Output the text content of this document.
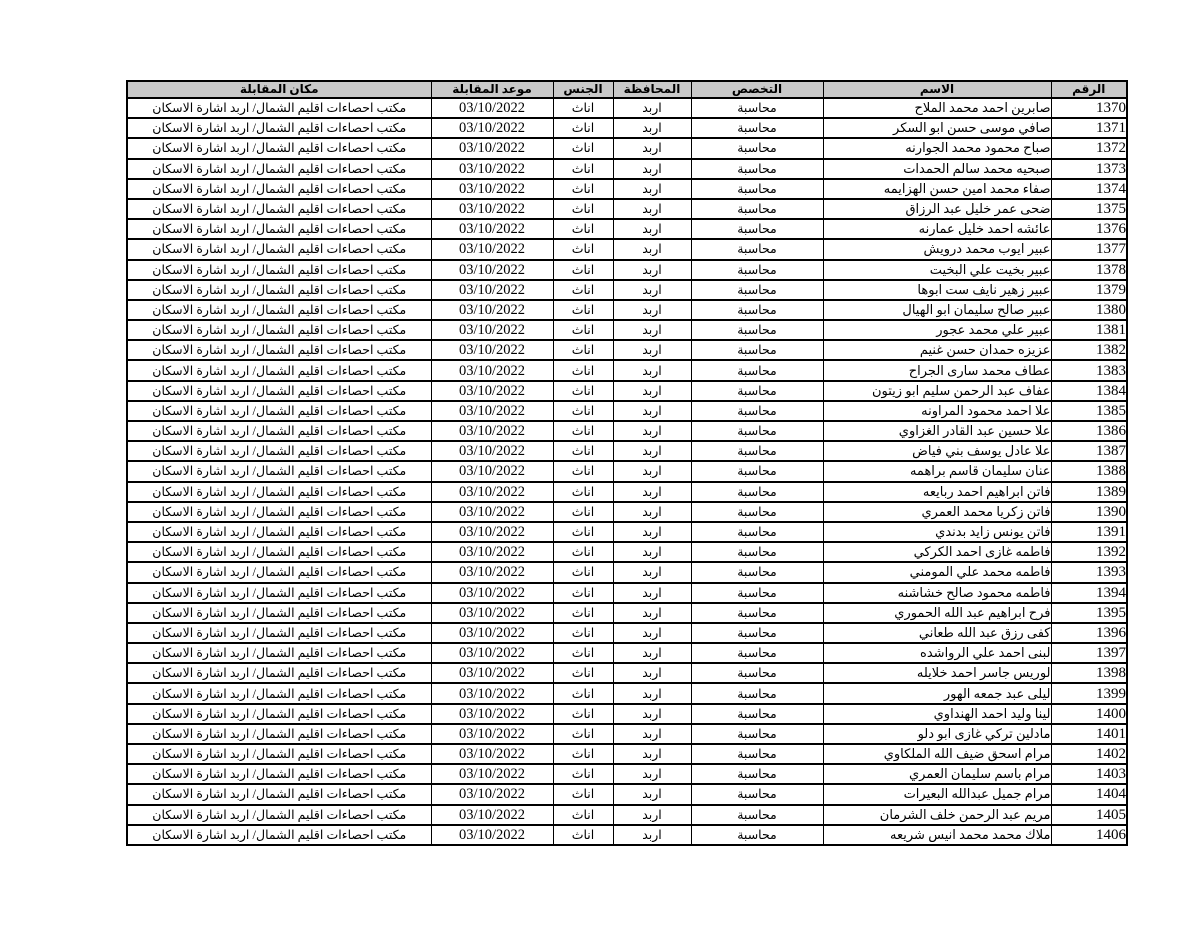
الرقم	الاسم	التخصص	المحافظة	الجنس	موعد المقابلة	مكان المقابلة
1370	صابرين احمد محمد الملاح	محاسبة	اربد	اناث	03/10/2022	مكتب احصاءات اقليم الشمال/ اربد اشارة الاسكان
1371	صافي موسى حسن ابو السكر	محاسبة	اربد	اناث	03/10/2022	مكتب احصاءات اقليم الشمال/ اربد اشارة الاسكان
1372	صباح محمود محمد الجوارنه	محاسبة	اربد	اناث	03/10/2022	مكتب احصاءات اقليم الشمال/ اربد اشارة الاسكان
1373	صبحيه محمد سالم الحمدات	محاسبة	اربد	اناث	03/10/2022	مكتب احصاءات اقليم الشمال/ اربد اشارة الاسكان
1374	صفاء محمد امين حسن الهزايمه	محاسبة	اربد	اناث	03/10/2022	مكتب احصاءات اقليم الشمال/ اربد اشارة الاسكان
1375	ضحى عمر خليل عبد الرزاق	محاسبة	اربد	اناث	03/10/2022	مكتب احصاءات اقليم الشمال/ اربد اشارة الاسكان
1376	عائشه احمد خليل عمارنه	محاسبة	اربد	اناث	03/10/2022	مكتب احصاءات اقليم الشمال/ اربد اشارة الاسكان
1377	عبير ايوب محمد درويش	محاسبة	اربد	اناث	03/10/2022	مكتب احصاءات اقليم الشمال/ اربد اشارة الاسكان
1378	عبير بخيت علي البخيت	محاسبة	اربد	اناث	03/10/2022	مكتب احصاءات اقليم الشمال/ اربد اشارة الاسكان
1379	عبير زهير نايف ست ابوها	محاسبة	اربد	اناث	03/10/2022	مكتب احصاءات اقليم الشمال/ اربد اشارة الاسكان
1380	عبير صالح سليمان ابو الهيال	محاسبة	اربد	اناث	03/10/2022	مكتب احصاءات اقليم الشمال/ اربد اشارة الاسكان
1381	عبير علي محمد عجور	محاسبة	اربد	اناث	03/10/2022	مكتب احصاءات اقليم الشمال/ اربد اشارة الاسكان
1382	عزيزه حمدان حسن غنيم	محاسبة	اربد	اناث	03/10/2022	مكتب احصاءات اقليم الشمال/ اربد اشارة الاسكان
1383	عطاف محمد سارى الجراح	محاسبة	اربد	اناث	03/10/2022	مكتب احصاءات اقليم الشمال/ اربد اشارة الاسكان
1384	عفاف عبد الرحمن سليم ابو زيتون	محاسبة	اربد	اناث	03/10/2022	مكتب احصاءات اقليم الشمال/ اربد اشارة الاسكان
1385	علا احمد محمود المراونه	محاسبة	اربد	اناث	03/10/2022	مكتب احصاءات اقليم الشمال/ اربد اشارة الاسكان
1386	علا حسين عبد القادر الغزاوي	محاسبة	اربد	اناث	03/10/2022	مكتب احصاءات اقليم الشمال/ اربد اشارة الاسكان
1387	علا عادل يوسف بني فياض	محاسبة	اربد	اناث	03/10/2022	مكتب احصاءات اقليم الشمال/ اربد اشارة الاسكان
1388	عنان سليمان قاسم براهمه	محاسبة	اربد	اناث	03/10/2022	مكتب احصاءات اقليم الشمال/ اربد اشارة الاسكان
1389	فاتن ابراهيم احمد ربايعه	محاسبة	اربد	اناث	03/10/2022	مكتب احصاءات اقليم الشمال/ اربد اشارة الاسكان
1390	فاتن زكريا محمد العمري	محاسبة	اربد	اناث	03/10/2022	مكتب احصاءات اقليم الشمال/ اربد اشارة الاسكان
1391	فاتن يونس زايد بدندي	محاسبة	اربد	اناث	03/10/2022	مكتب احصاءات اقليم الشمال/ اربد اشارة الاسكان
1392	فاطمه غازى احمد الكركي	محاسبة	اربد	اناث	03/10/2022	مكتب احصاءات اقليم الشمال/ اربد اشارة الاسكان
1393	فاطمه محمد علي المومني	محاسبة	اربد	اناث	03/10/2022	مكتب احصاءات اقليم الشمال/ اربد اشارة الاسكان
1394	فاطمه محمود صالح خشاشنه	محاسبة	اربد	اناث	03/10/2022	مكتب احصاءات اقليم الشمال/ اربد اشارة الاسكان
1395	فرح ابراهيم عبد الله الحموري	محاسبة	اربد	اناث	03/10/2022	مكتب احصاءات اقليم الشمال/ اربد اشارة الاسكان
1396	كفى رزق عبد الله طعاني	محاسبة	اربد	اناث	03/10/2022	مكتب احصاءات اقليم الشمال/ اربد اشارة الاسكان
1397	لبنى احمد علي الرواشده	محاسبة	اربد	اناث	03/10/2022	مكتب احصاءات اقليم الشمال/ اربد اشارة الاسكان
1398	لوريس جاسر احمد خلايله	محاسبة	اربد	اناث	03/10/2022	مكتب احصاءات اقليم الشمال/ اربد اشارة الاسكان
1399	ليلى عبد جمعه الهور	محاسبة	اربد	اناث	03/10/2022	مكتب احصاءات اقليم الشمال/ اربد اشارة الاسكان
1400	لينا وليد احمد الهنداوي	محاسبة	اربد	اناث	03/10/2022	مكتب احصاءات اقليم الشمال/ اربد اشارة الاسكان
1401	مادلين تركي غازى ابو دلو	محاسبة	اربد	اناث	03/10/2022	مكتب احصاءات اقليم الشمال/ اربد اشارة الاسكان
1402	مرام اسحق ضيف الله الملكاوي	محاسبة	اربد	اناث	03/10/2022	مكتب احصاءات اقليم الشمال/ اربد اشارة الاسكان
1403	مرام باسم سليمان العمري	محاسبة	اربد	اناث	03/10/2022	مكتب احصاءات اقليم الشمال/ اربد اشارة الاسكان
1404	مرام جميل عبدالله البعيرات	محاسبة	اربد	اناث	03/10/2022	مكتب احصاءات اقليم الشمال/ اربد اشارة الاسكان
1405	مريم عبد الرحمن خلف الشرمان	محاسبة	اربد	اناث	03/10/2022	مكتب احصاءات اقليم الشمال/ اربد اشارة الاسكان
1406	ملاك محمد محمد انيس شريعه	محاسبة	اربد	اناث	03/10/2022	مكتب احصاءات اقليم الشمال/ اربد اشارة الاسكان
